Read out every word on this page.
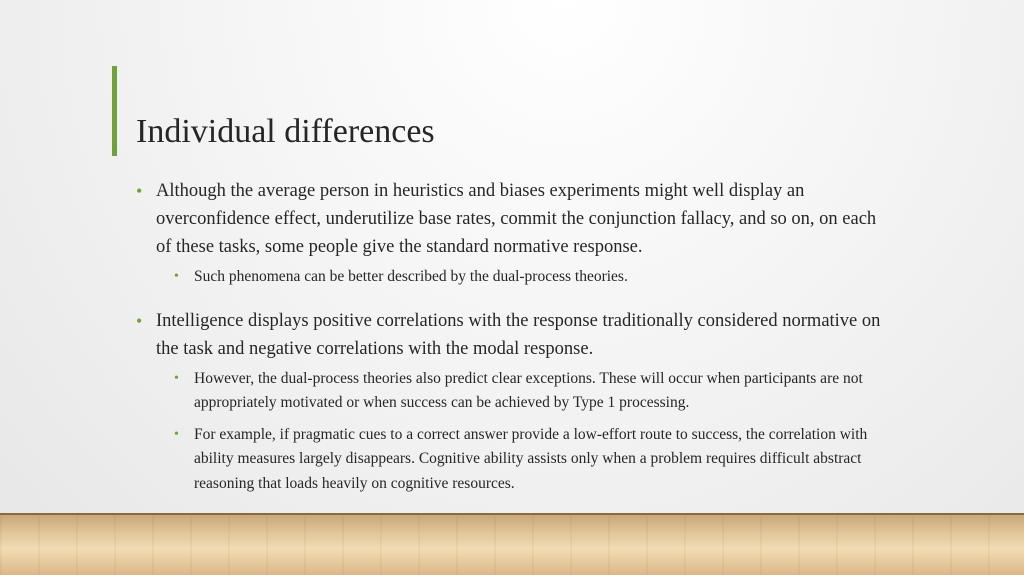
Individual differences
• Although the average person in heuristics and biases experiments might well display an overconfidence effect, underutilize base rates, commit the conjunction fallacy, and so on, on each of these tasks, some people give the standard normative response.
• Such phenomena can be better described by the dual-process theories.
• Intelligence displays positive correlations with the response traditionally considered normative on the task and negative correlations with the modal response.
• However, the dual-process theories also predict clear exceptions. These will occur when participants are not appropriately motivated or when success can be achieved by Type 1 processing.
• For example, if pragmatic cues to a correct answer provide a low-effort route to success, the correlation with ability measures largely disappears. Cognitive ability assists only when a problem requires difficult abstract reasoning that loads heavily on cognitive resources.
